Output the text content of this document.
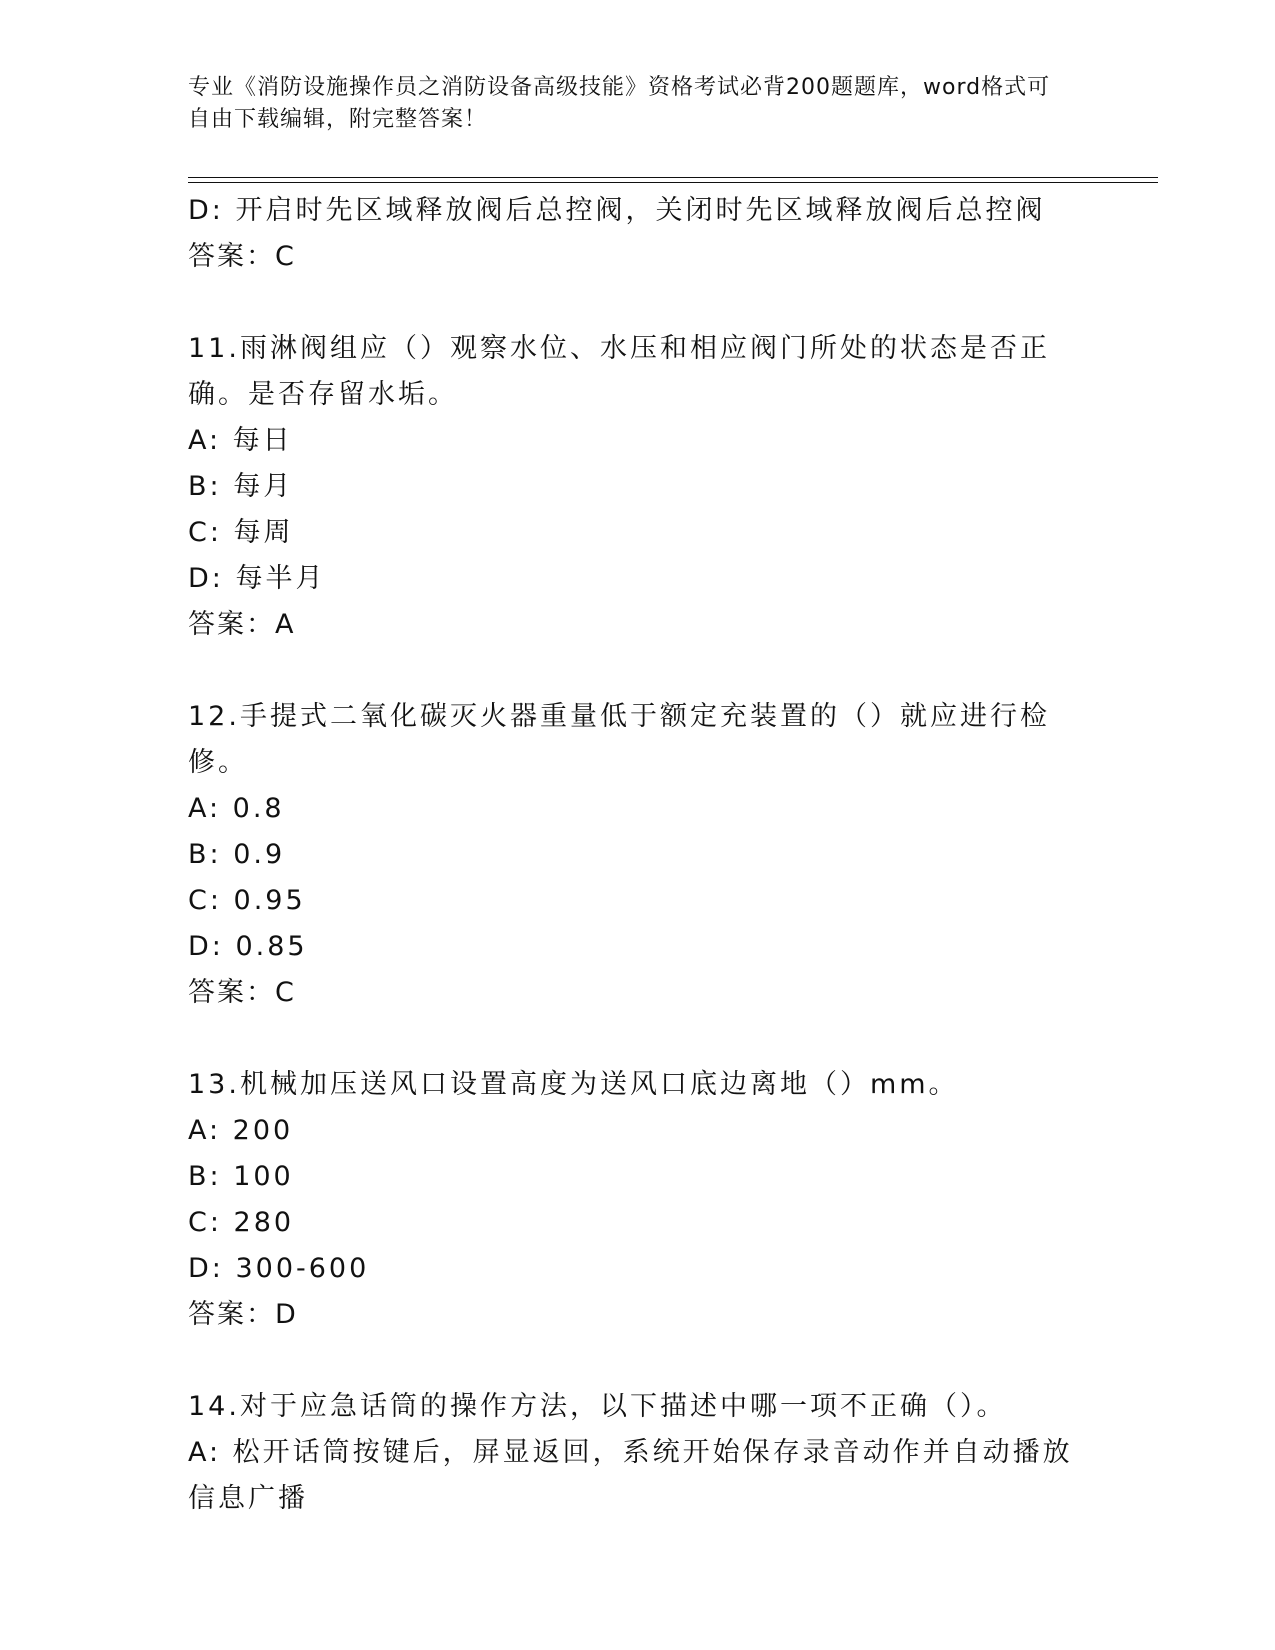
专业《消防设施操作员之消防设备高级技能》资格考试必背200题题库，word格式可自由下载编辑，附完整答案！
D: 开启时先区域释放阀后总控阀，关闭时先区域释放阀后总控阀
答案：C
11.雨淋阀组应（）观察水位、水压和相应阀门所处的状态是否正确。是否存留水垢。
A: 每日
B: 每月
C: 每周
D: 每半月
答案：A
12.手提式二氧化碳灭火器重量低于额定充装置的（）就应进行检修。
A: 0.8
B: 0.9
C: 0.95
D: 0.85
答案：C
13.机械加压送风口设置高度为送风口底边离地（）mm。
A: 200
B: 100
C: 280
D: 300-600
答案：D
14.对于应急话筒的操作方法，以下描述中哪一项不正确（）。
A: 松开话筒按键后，屏显返回，系统开始保存录音动作并自动播放信息广播
